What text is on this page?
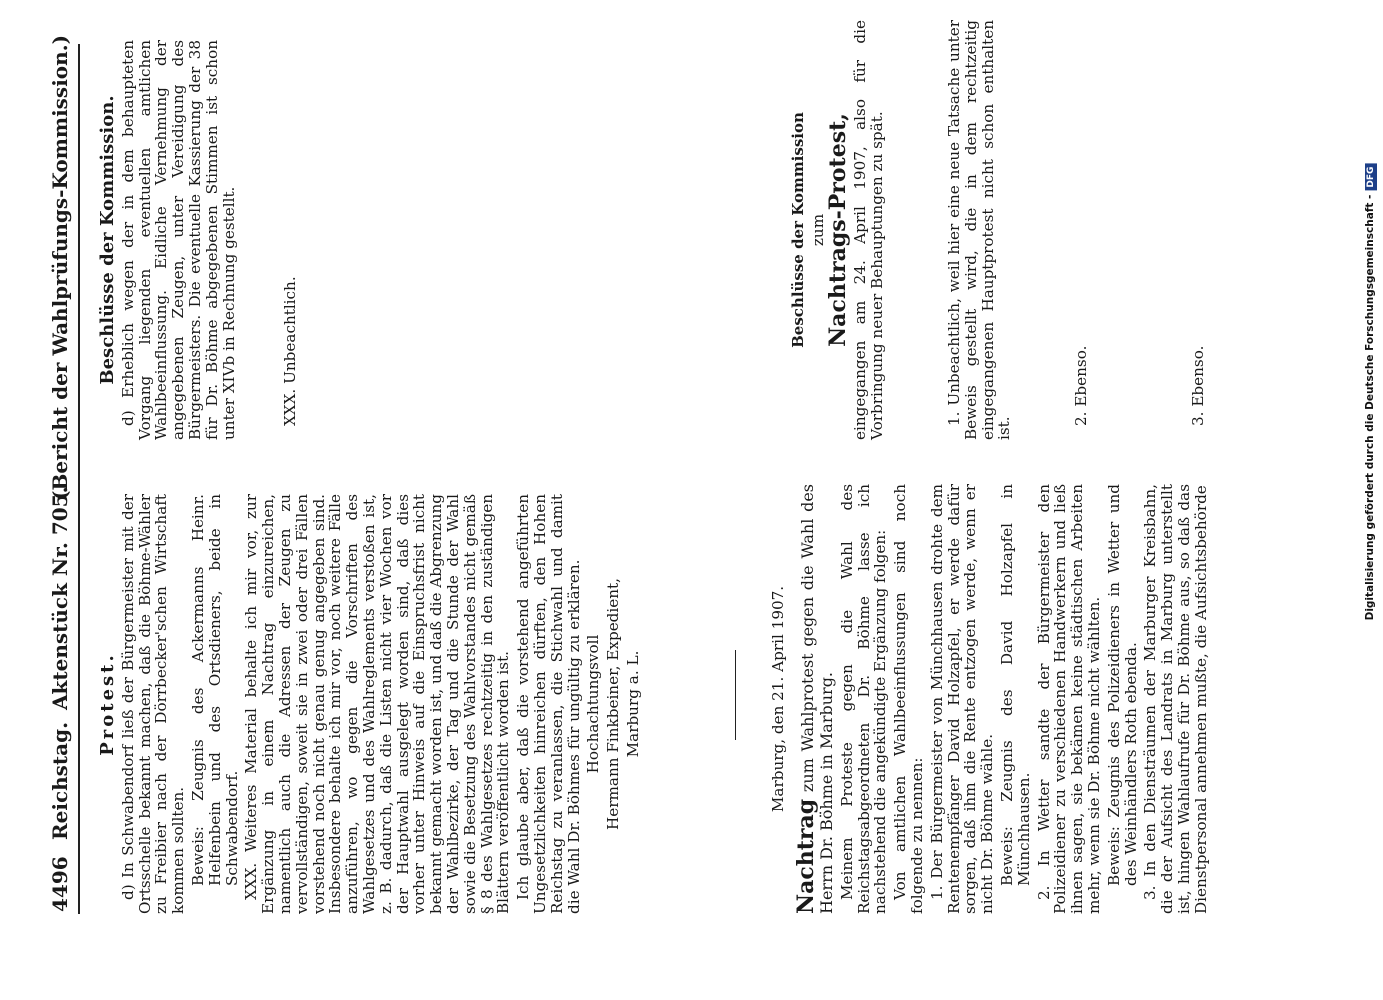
4496
Reichstag.
Aktenstück Nr. 705.
(Bericht der Wahlprüfungs-Kommission.)

Protest. d) In Schwabendorf ließ der Bürgermeister mit der Ortsschelle bekannt machen, daß die Böhme-Wähler zu Freibier nach der Dörrbecker'schen Wirtschaft kommen sollten. Beweis: Zeugnis des Ackermanns Heinr. Helfenbein und des Ortsdieners, beide in Schwabendorf. XXX. Weiteres Material behalte ich mir vor, zur Ergänzung in einem Nachtrag einzureichen, namentlich auch die Adressen der Zeugen zu vervollständigen, soweit sie in zwei oder drei Fällen vorstehend noch nicht genau genug angegeben sind. Insbesondere behalte ich mir vor, noch weitere Fälle anzuführen, wo gegen die Vorschriften des Wahlgesetzes und des Wahlreglements verstoßen ist, z. B. dadurch, daß die Listen nicht vier Wochen vor der Hauptwahl ausgelegt worden sind, daß dies vorher unter Hinweis auf die Einspruchsfrist nicht bekannt gemacht worden ist, und daß die Abgrenzung der Wahlbezirke, der Tag und die Stunde der Wahl sowie die Besetzung des Wahlvorstandes nicht gemäß § 8 des Wahlgesetzes rechtzeitig in den zuständigen Blättern veröffentlicht worden ist. Ich glaube aber, daß die vorstehend angeführten Ungesetzlichkeiten hinreichen dürften, den Hohen Reichstag zu veranlassen, die Stichwahl und damit die Wahl Dr. Böhmes für ungültig zu erklären. Hochachtungsvoll Hermann Finkbeiner, Expedient, Marburg a. L.

Beschlüsse der Kommission. d) Erheblich wegen der in dem behaupteten Vorgang liegenden eventuellen amtlichen Wahlbeeinflussung. Eidliche Vernehmung der angegebenen Zeugen, unter Vereidigung des Bürgermeisters. Die eventuelle Kassierung der 38 für Dr. Böhme abgegebenen Stimmen ist schon unter XIVb in Rechnung gestellt.	XXX. Unbeachtlich.

Marburg, den 21. April 1907.

Nachtrag zum Wahlprotest gegen die Wahl des Herrn Dr. Böhme in Marburg. Meinem Proteste gegen die Wahl des Reichstagsabgeordneten Dr. Böhme lasse ich nachstehend die angekündigte Ergänzung folgen: Von amtlichen Wahlbeeinflussungen sind noch folgende zu nennen: 1. Der Bürgermeister von Münchhausen drohte dem Rentenempfänger David Holzapfel, er werde dafür sorgen, daß ihm die Rente entzogen werde, wenn er nicht Dr. Böhme wähle. Beweis: Zeugnis des David Holzapfel in Münchhausen. 2. In Wetter sandte der Bürgermeister den Polizeidiener zu verschiedenen Handwerkern und ließ ihnen sagen, sie bekämen keine städtischen Arbeiten mehr, wenn sie Dr. Böhme nicht wählten. Beweis: Zeugnis des Polizeidieners in Wetter und des Weinhändlers Roth ebenda. 3. In den Diensträumen der Marburger Kreisbahn, die der Aufsicht des Landrats in Marburg unterstellt ist, hingen Wahlaufrufe für Dr. Böhme aus, so daß das Dienstpersonal annehmen mußte, die Aufsichtsbehörde

Beschlüsse der Kommission zum

Nachtrags-Protest, eingegangen am 24. April 1907, also für die Vorbringung neuer Behauptungen zu spät.	1. Unbeachtlich, weil hier eine neue Tatsache unter Beweis gestellt wird, die in dem rechtzeitig eingegangenen Hauptprotest nicht schon enthalten ist.

2. Ebenso.	3. Ebenso.	Digitalisierung gefördert durch die Deutsche Forschungsgemeinschaft -DFG
